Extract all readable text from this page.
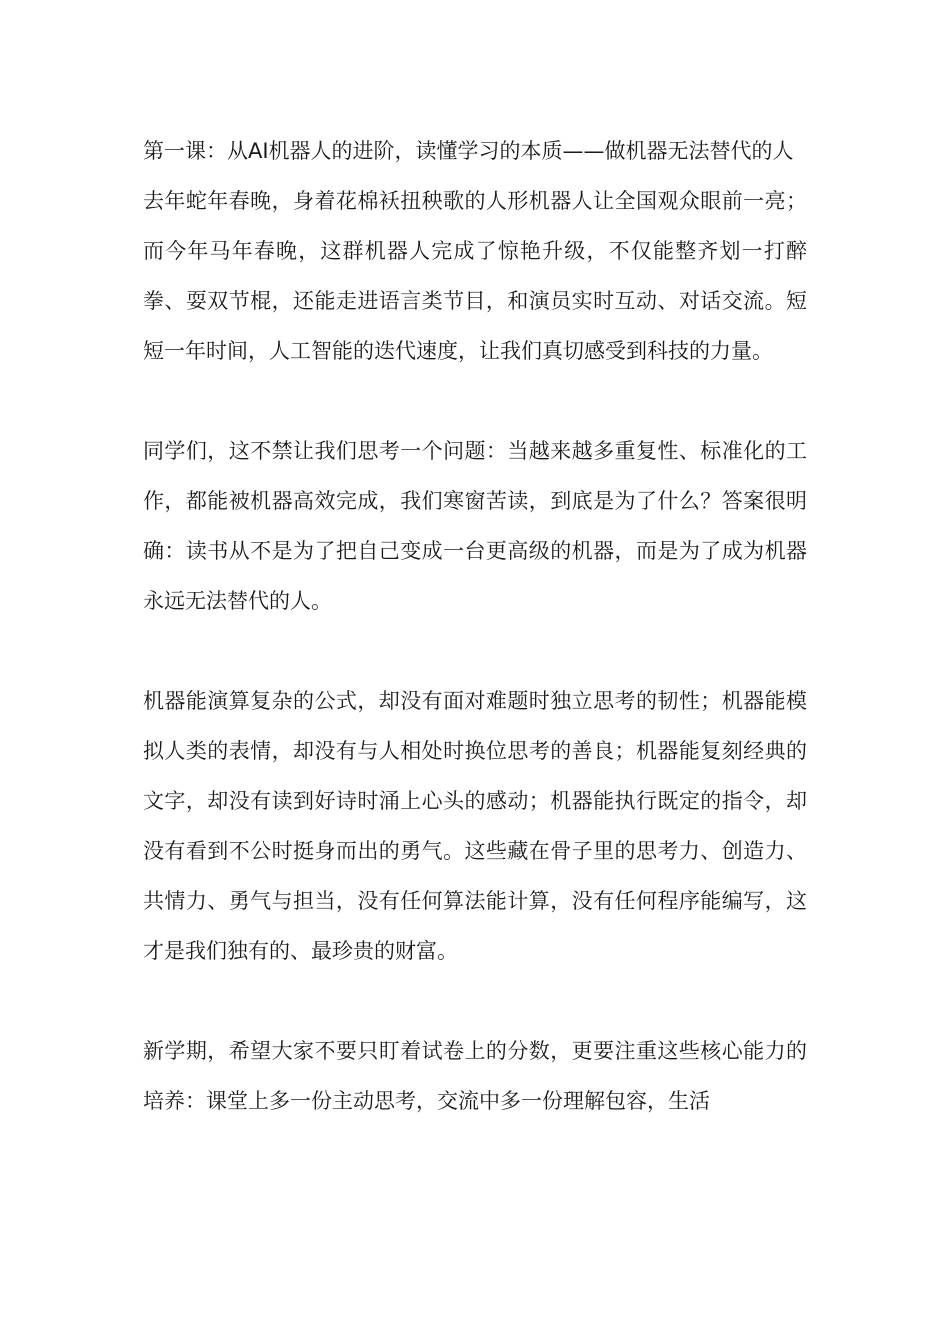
第一课：从AI机器人的进阶，读懂学习的本质——做机器无法替代的人

去年蛇年春晚，身着花棉袄扭秧歌的人形机器人让全国观众眼前一亮；而今年马年春晚，这群机器人完成了惊艳升级，不仅能整齐划一打醉拳、耍双节棍，还能走进语言类节目，和演员实时互动、对话交流。短短一年时间，人工智能的迭代速度，让我们真切感受到科技的力量。

同学们，这不禁让我们思考一个问题：当越来越多重复性、标准化的工作，都能被机器高效完成，我们寒窗苦读，到底是为了什么？答案很明确：读书从不是为了把自己变成一台更高级的机器，而是为了成为机器永远无法替代的人。

机器能演算复杂的公式，却没有面对难题时独立思考的韧性；机器能模拟人类的表情，却没有与人相处时换位思考的善良；机器能复刻经典的文字，却没有读到好诗时涌上心头的感动；机器能执行既定的指令，却没有看到不公时挺身而出的勇气。这些藏在骨子里的思考力、创造力、共情力、勇气与担当，没有任何算法能计算，没有任何程序能编写，这才是我们独有的、最珍贵的财富。

新学期，希望大家不要只盯着试卷上的分数，更要注重这些核心能力的培养：课堂上多一份主动思考，交流中多一份理解包容，生活
